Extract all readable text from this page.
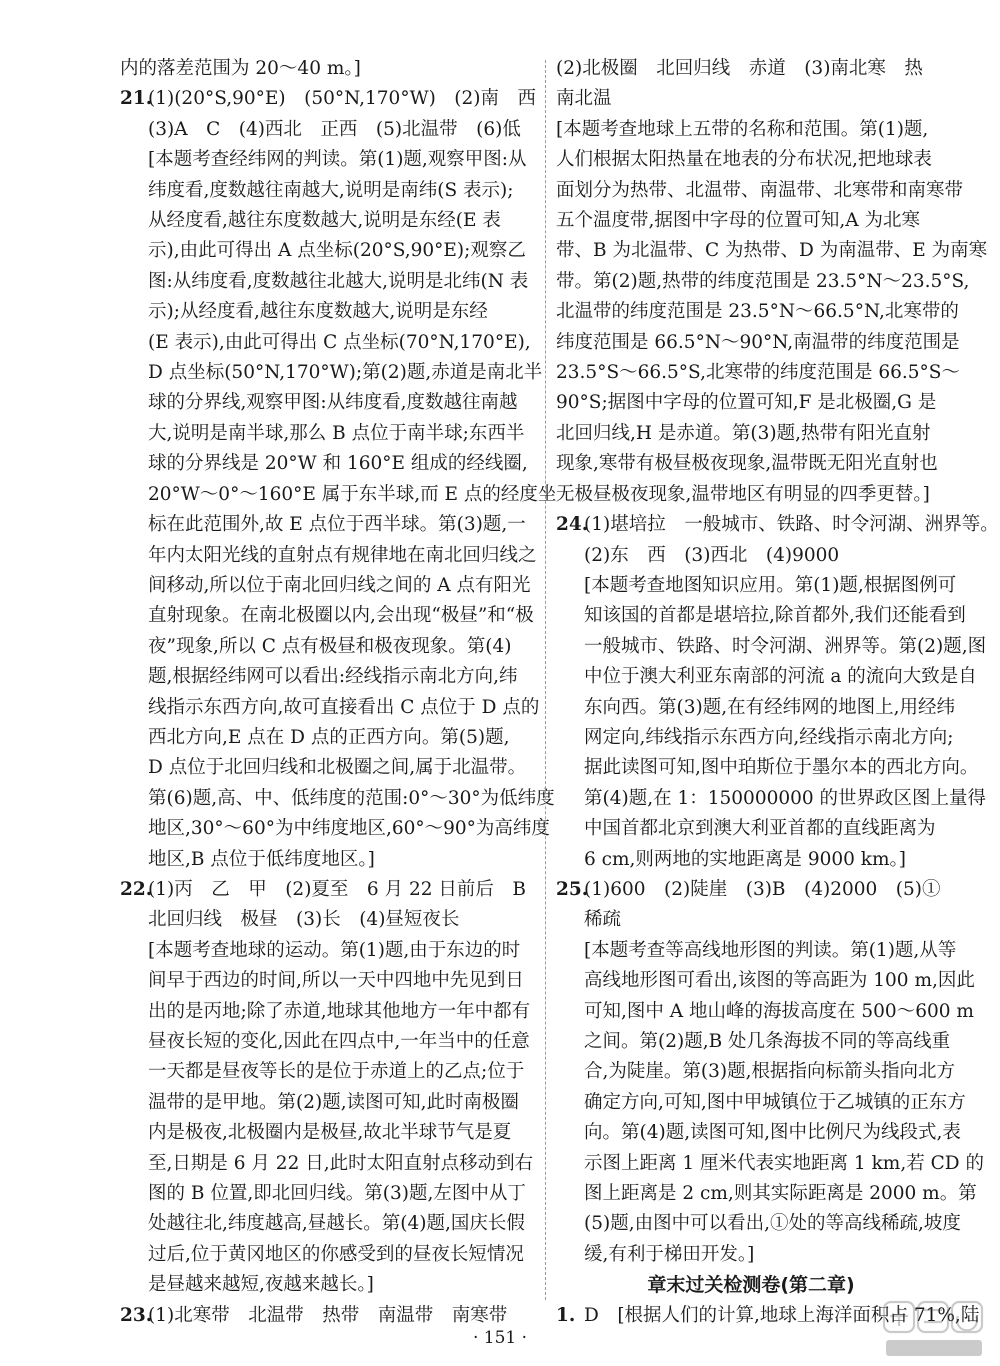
内的落差范围为 20～40 m。]
21.(1)(20°S,90°E)　(50°N,170°W)　(2)南　西
(3)A　C　(4)西北　正西　(5)北温带　(6)低
[本题考查经纬网的判读。第(1)题,观察甲图:从
纬度看,度数越往南越大,说明是南纬(S 表示);
从经度看,越往东度数越大,说明是东经(E 表
示),由此可得出 A 点坐标(20°S,90°E);观察乙
图:从纬度看,度数越往北越大,说明是北纬(N 表
示);从经度看,越往东度数越大,说明是东经
(E 表示),由此可得出 C 点坐标(70°N,170°E),
D 点坐标(50°N,170°W);第(2)题,赤道是南北半
球的分界线,观察甲图:从纬度看,度数越往南越
大,说明是南半球,那么 B 点位于南半球;东西半
球的分界线是 20°W 和 160°E 组成的经线圈,
20°W～0°～160°E 属于东半球,而 E 点的经度坐
标在此范围外,故 E 点位于西半球。第(3)题,一
年内太阳光线的直射点有规律地在南北回归线之
间移动,所以位于南北回归线之间的 A 点有阳光
直射现象。在南北极圈以内,会出现“极昼”和“极
夜”现象,所以 C 点有极昼和极夜现象。第(4)
题,根据经纬网可以看出:经线指示南北方向,纬
线指示东西方向,故可直接看出 C 点位于 D 点的
西北方向,E 点在 D 点的正西方向。第(5)题,
D 点位于北回归线和北极圈之间,属于北温带。
第(6)题,高、中、低纬度的范围:0°～30°为低纬度
地区,30°～60°为中纬度地区,60°～90°为高纬度
地区,B 点位于低纬度地区。]
22.(1)丙　乙　甲　(2)夏至　6 月 22 日前后　B
北回归线　极昼　(3)长　(4)昼短夜长
[本题考查地球的运动。第(1)题,由于东边的时
间早于西边的时间,所以一天中四地中先见到日
出的是丙地;除了赤道,地球其他地方一年中都有
昼夜长短的变化,因此在四点中,一年当中的任意
一天都是昼夜等长的是位于赤道上的乙点;位于
温带的是甲地。第(2)题,读图可知,此时南极圈
内是极夜,北极圈内是极昼,故北半球节气是夏
至,日期是 6 月 22 日,此时太阳直射点移动到右
图的 B 位置,即北回归线。第(3)题,左图中从丁
处越往北,纬度越高,昼越长。第(4)题,国庆长假
过后,位于黄冈地区的你感受到的昼夜长短情况
是昼越来越短,夜越来越长。]
23.(1)北寒带　北温带　热带　南温带　南寒带
(2)北极圈　北回归线　赤道　(3)南北寒　热
南北温
[本题考查地球上五带的名称和范围。第(1)题,
人们根据太阳热量在地表的分布状况,把地球表
面划分为热带、北温带、南温带、北寒带和南寒带
五个温度带,据图中字母的位置可知,A 为北寒
带、B 为北温带、C 为热带、D 为南温带、E 为南寒
带。第(2)题,热带的纬度范围是 23.5°N～23.5°S,
北温带的纬度范围是 23.5°N～66.5°N,北寒带的
纬度范围是 66.5°N～90°N,南温带的纬度范围是
23.5°S～66.5°S,北寒带的纬度范围是 66.5°S～
90°S;据图中字母的位置可知,F 是北极圈,G 是
北回归线,H 是赤道。第(3)题,热带有阳光直射
现象,寒带有极昼极夜现象,温带既无阳光直射也
无极昼极夜现象,温带地区有明显的四季更替。]
24.(1)堪培拉　一般城市、铁路、时令河湖、洲界等。
(2)东　西　(3)西北　(4)9000
[本题考查地图知识应用。第(1)题,根据图例可
知该国的首都是堪培拉,除首都外,我们还能看到
一般城市、铁路、时令河湖、洲界等。第(2)题,图
中位于澳大利亚东南部的河流 a 的流向大致是自
东向西。第(3)题,在有经纬网的地图上,用经纬
网定向,纬线指示东西方向,经线指示南北方向;
据此读图可知,图中珀斯位于墨尔本的西北方向。
第(4)题,在 1：150000000 的世界政区图上量得
中国首都北京到澳大利亚首都的直线距离为
6 cm,则两地的实地距离是 9000 km。]
25.(1)600　(2)陡崖　(3)B　(4)2000　(5)①
稀疏
[本题考查等高线地形图的判读。第(1)题,从等
高线地形图可看出,该图的等高距为 100 m,因此
可知,图中 A 地山峰的海拔高度在 500～600 m
之间。第(2)题,B 处几条海拔不同的等高线重
合,为陡崖。第(3)题,根据指向标箭头指向北方
确定方向,可知,图中甲城镇位于乙城镇的正东方
向。第(4)题,读图可知,图中比例尺为线段式,表
示图上距离 1 厘米代表实地距离 1 km,若 CD 的
图上距离是 2 cm,则其实际距离是 2000 m。第
(5)题,由图中可以看出,①处的等高线稀疏,坡度
缓,有利于梯田开发。]
章末过关检测卷(第二章)
1. D　[根据人们的计算,地球上海洋面积占 71%,陆
· 151 ·
